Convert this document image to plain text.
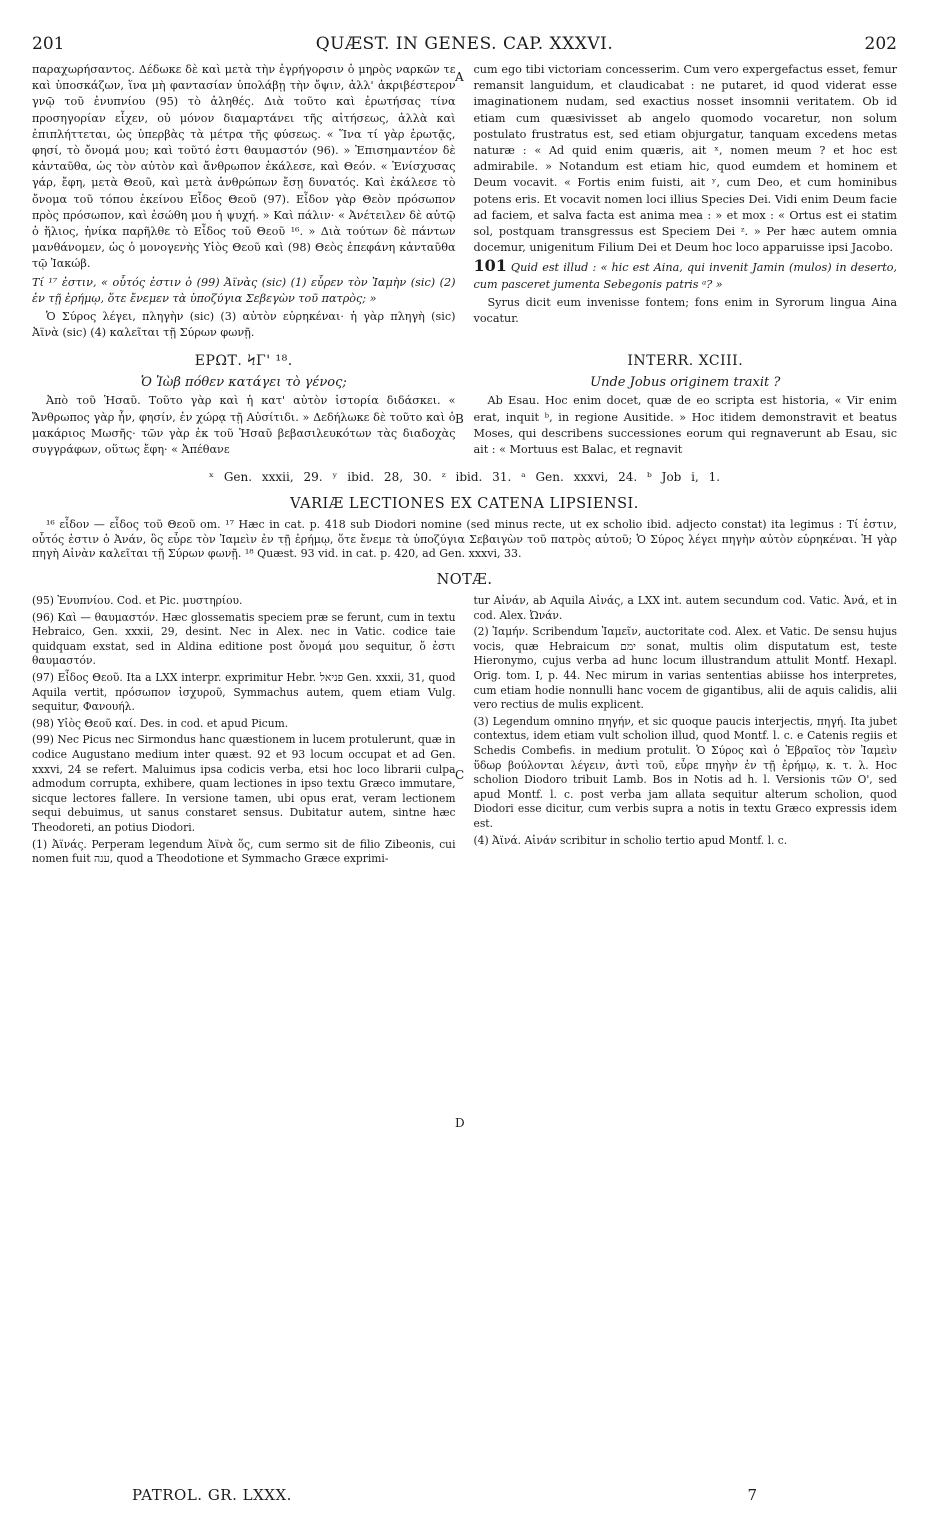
201	QUÆST. IN GENES. CAP. XXXVI.	202

παραχωρήσαντος. Δέδωκε δὲ καὶ μετὰ τὴν ἐγρήγορσιν ὁ μηρὸς ναρκῶν τε καὶ ὑποσκάζων, ἵνα μὴ φαντασίαν ὑπολάβῃ τὴν ὄψιν, ἀλλ' ἀκριβέστερον γνῷ τοῦ ἐνυπνίου (95) τὸ ἀληθές. Διὰ τοῦτο καὶ ἐρωτήσας τίνα προσηγορίαν εἶχεν, οὐ μόνον διαμαρτάνει τῆς αἰτήσεως, ἀλλὰ καὶ ἐπιπλήττεται, ὡς ὑπερβὰς τὰ μέτρα τῆς φύσεως. « Ἵνα τί γὰρ ἐρωτᾷς, φησί, τὸ ὄνομά μου; καὶ τοῦτό ἐστι θαυμαστόν (96). » Ἐπισημαντέον δὲ κἀνταῦθα, ὡς τὸν αὐτὸν καὶ ἄνθρωπον ἐκάλεσε, καὶ Θεόν. « Ἐνίσχυσας γάρ, ἔφη, μετὰ Θεοῦ, καὶ μετὰ ἀνθρώπων ἔσῃ δυνατός. Καὶ ἐκάλεσε τὸ ὄνομα τοῦ τόπου ἐκείνου Εἶδος Θεοῦ (97). Εἶδον γὰρ Θεὸν πρόσωπον πρὸς πρόσωπον, καὶ ἐσώθη μου ἡ ψυχή. » Καὶ πάλιν· « Ἀνέτειλεν δὲ αὐτῷ ὁ ἥλιος, ἡνίκα παρῆλθε τὸ Εἶδος τοῦ Θεοῦ ¹⁶. » Διὰ τούτων δὲ πάντων μανθάνομεν, ὡς ὁ μονογενὴς Υἱὸς Θεοῦ καὶ (98) Θεὸς ἐπεφάνη κἀνταῦθα τῷ Ἰακώβ.

Τί ¹⁷ ἐστιν, « οὗτός ἐστιν ὁ (99) Ἀϊνὰς (sic) (1) εὗρεν τὸν Ἰαμὴν (sic) (2) ἐν τῇ ἐρήμῳ, ὅτε ἔνεμεν τὰ ὑποζύγια Σεβεγὼν τοῦ πατρὸς; »

Ὁ Σύρος λέγει, πληγὴν (sic) (3) αὐτὸν εὑρηκέναι· ἡ γὰρ πληγὴ (sic) Ἀϊνὰ (sic) (4) καλεῖται τῇ Σύρων φωνῇ.

cum ego tibi victoriam concesserim. Cum vero expergefactus esset, femur remansit languidum, et claudicabat : ne putaret, id quod viderat esse imaginationem nudam, sed exactius nosset insomnii veritatem. Ob id etiam cum quæsivisset ab angelo quomodo vocaretur, non solum postulato frustratus est, sed etiam objurgatur, tanquam excedens metas naturæ : « Ad quid enim quæris, ait ˣ, nomen meum ? et hoc est admirabile. » Notandum est etiam hic, quod eumdem et hominem et Deum vocavit. « Fortis enim fuisti, ait ʸ, cum Deo, et cum hominibus potens eris. Et vocavit nomen loci illius Species Dei. Vidi enim Deum facie ad faciem, et salva facta est anima mea : » et mox : « Ortus est ei statim sol, postquam transgressus est Speciem Dei ᶻ. » Per hæc autem omnia docemur, unigenitum Filium Dei et Deum hoc loco apparuisse ipsi Jacobo.

101 Quid est illud : « hic est Aina, qui invenit Jamin (mulos) in deserto, cum pasceret jumenta Sebegonis patris ᵃ? »

Syrus dicit eum invenisse fontem; fons enim in Syrorum lingua Aina vocatur.

ΕΡΩΤ. ϞΓ' ¹⁸.	INTERR. XCIII.
Ὁ Ἰὼβ πόθεν κατάγει τὸ γένος;	Unde Jobus originem traxit ?

Ἀπὸ τοῦ Ἡσαῦ. Τοῦτο γὰρ καὶ ἡ κατ' αὐτὸν ἱστορία διδάσκει. « Ἄνθρωπος γὰρ ἦν, φησίν, ἐν χώρᾳ τῇ Αὐσίτιδι. » Δεδήλωκε δὲ τοῦτο καὶ ὁ μακάριος Μωσῆς· τῶν γὰρ ἐκ τοῦ Ἡσαῦ βεβασιλευκότων τὰς διαδοχὰς συγγράφων, οὕτως ἔφη· « Ἀπέθανε

Ab Esau. Hoc enim docet, quæ de eo scripta est historia, « Vir enim erat, inquit ᵇ, in regione Ausitide. » Hoc itidem demonstravit et beatus Moses, qui describens successiones eorum qui regnaverunt ab Esau, sic ait : « Mortuus est Balac, et regnavit

ˣ Gen. xxxii, 29. ʸ ibid. 28, 30. ᶻ ibid. 31. ᵃ Gen. xxxvi, 24. ᵇ Job i, 1.
VARIÆ LECTIONES EX CATENA LIPSIENSI.

¹⁶ εἶδον — εἶδος τοῦ Θεοῦ om. ¹⁷ Hæc in cat. p. 418 sub Diodori nomine (sed minus recte, ut ex scholio ibid. adjecto constat) ita legimus : Τί ἐστιν, οὗτός ἐστιν ὁ Ἀνάν, ὃς εὗρε τὸν Ἰαμεὶν ἐν τῇ ἐρήμῳ, ὅτε ἔνεμε τὰ ὑποζύγια Σεβαιγὼν τοῦ πατρὸς αὐτοῦ; Ὁ Σύρος λέγει πηγὴν αὐτὸν εὑρηκέναι. Ἡ γὰρ πηγὴ Αἰνὰν καλεῖται τῇ Σύρων φωνῇ. ¹⁸ Quæst. 93 vid. in cat. p. 420, ad Gen. xxxvi, 33.

NOTÆ.

(95) Ἐνυπνίου. Cod. et Pic. μυστηρίου.

(96) Καὶ — θαυμαστόν. Hæc glossematis speciem præ se ferunt, cum in textu Hebraico, Gen. xxxii, 29, desint. Nec in Alex. nec in Vatic. codice taie quidquam exstat, sed in Aldina editione post ὄνομά μου sequitur, ὅ ἐστι θαυμαστόν.

(97) Εἶδος Θεοῦ. Ita a LXX interpr. exprimitur Hebr. פניאל Gen. xxxii, 31, quod Aquila vertit, πρόσωπον ἰσχυροῦ, Symmachus autem, quem etiam Vulg. sequitur, Φανουήλ.

(98) Υἱὸς Θεοῦ καί. Des. in cod. et apud Picum.

(99) Nec Picus nec Sirmondus hanc quæstionem in lucem protulerunt, quæ in codice Augustano medium inter quæst. 92 et 93 locum occupat et ad Gen. xxxvi, 24 se refert. Maluimus ipsa codicis verba, etsi hoc loco librarii culpa admodum corrupta, exhibere, quam lectiones in ipso textu Græco immutare, sicque lectores fallere. In versione tamen, ubi opus erat, veram lectionem sequi debuimus, ut sanus constaret sensus. Dubitatur autem, sintne hæc Theodoreti, an potius Diodori.

(1) Ἀϊνάς. Perperam legendum Ἀϊνὰ ὅς, cum sermo sit de filio Zibeonis, cui nomen fuit ענה, quod a Theodotione et Symmacho Græce exprimi-

tur Αἰνάν, ab Aquila Αἰνάς, a LXX int. autem secundum cod. Vatic. Ἀνά, et in cod. Alex. Ὠνάν.

(2) Ἰαμήν. Scribendum Ἰαμεῖν, auctoritate cod. Alex. et Vatic. De sensu hujus vocis, quæ Hebraicum ימם sonat, multis olim disputatum est, teste Hieronymo, cujus verba ad hunc locum illustrandum attulit Montf. Hexapl. Orig. tom. I, p. 44. Nec mirum in varias sententias abiisse hos interpretes, cum etiam hodie nonnulli hanc vocem de gigantibus, alii de aquis calidis, alii vero rectius de mulis explicent.

(3) Legendum omnino πηγήν, et sic quoque paucis interjectis, πηγή. Ita jubet contextus, idem etiam vult scholion illud, quod Montf. l. c. e Catenis regiis et Schedis Combefis. in medium protulit. Ὁ Σύρος καὶ ὁ Ἑβραῖος τὸν Ἰαμεὶν ὕδωρ βούλονται λέγειν, ἀντὶ τοῦ, εὗρε πηγὴν ἐν τῇ ἐρήμῳ, κ. τ. λ. Hoc scholion Diodoro tribuit Lamb. Bos in Notis ad h. l. Versionis τῶν Ο', sed apud Montf. l. c. post verba jam allata sequitur alterum scholion, quod Diodori esse dicitur, cum verbis supra a notis in textu Græco expressis idem est.

(4) Ἀϊνά. Αἰνάν scribitur in scholio tertio apud Montf. l. c.

PATROL. GR. LXXX.	7
A
B
C
D
